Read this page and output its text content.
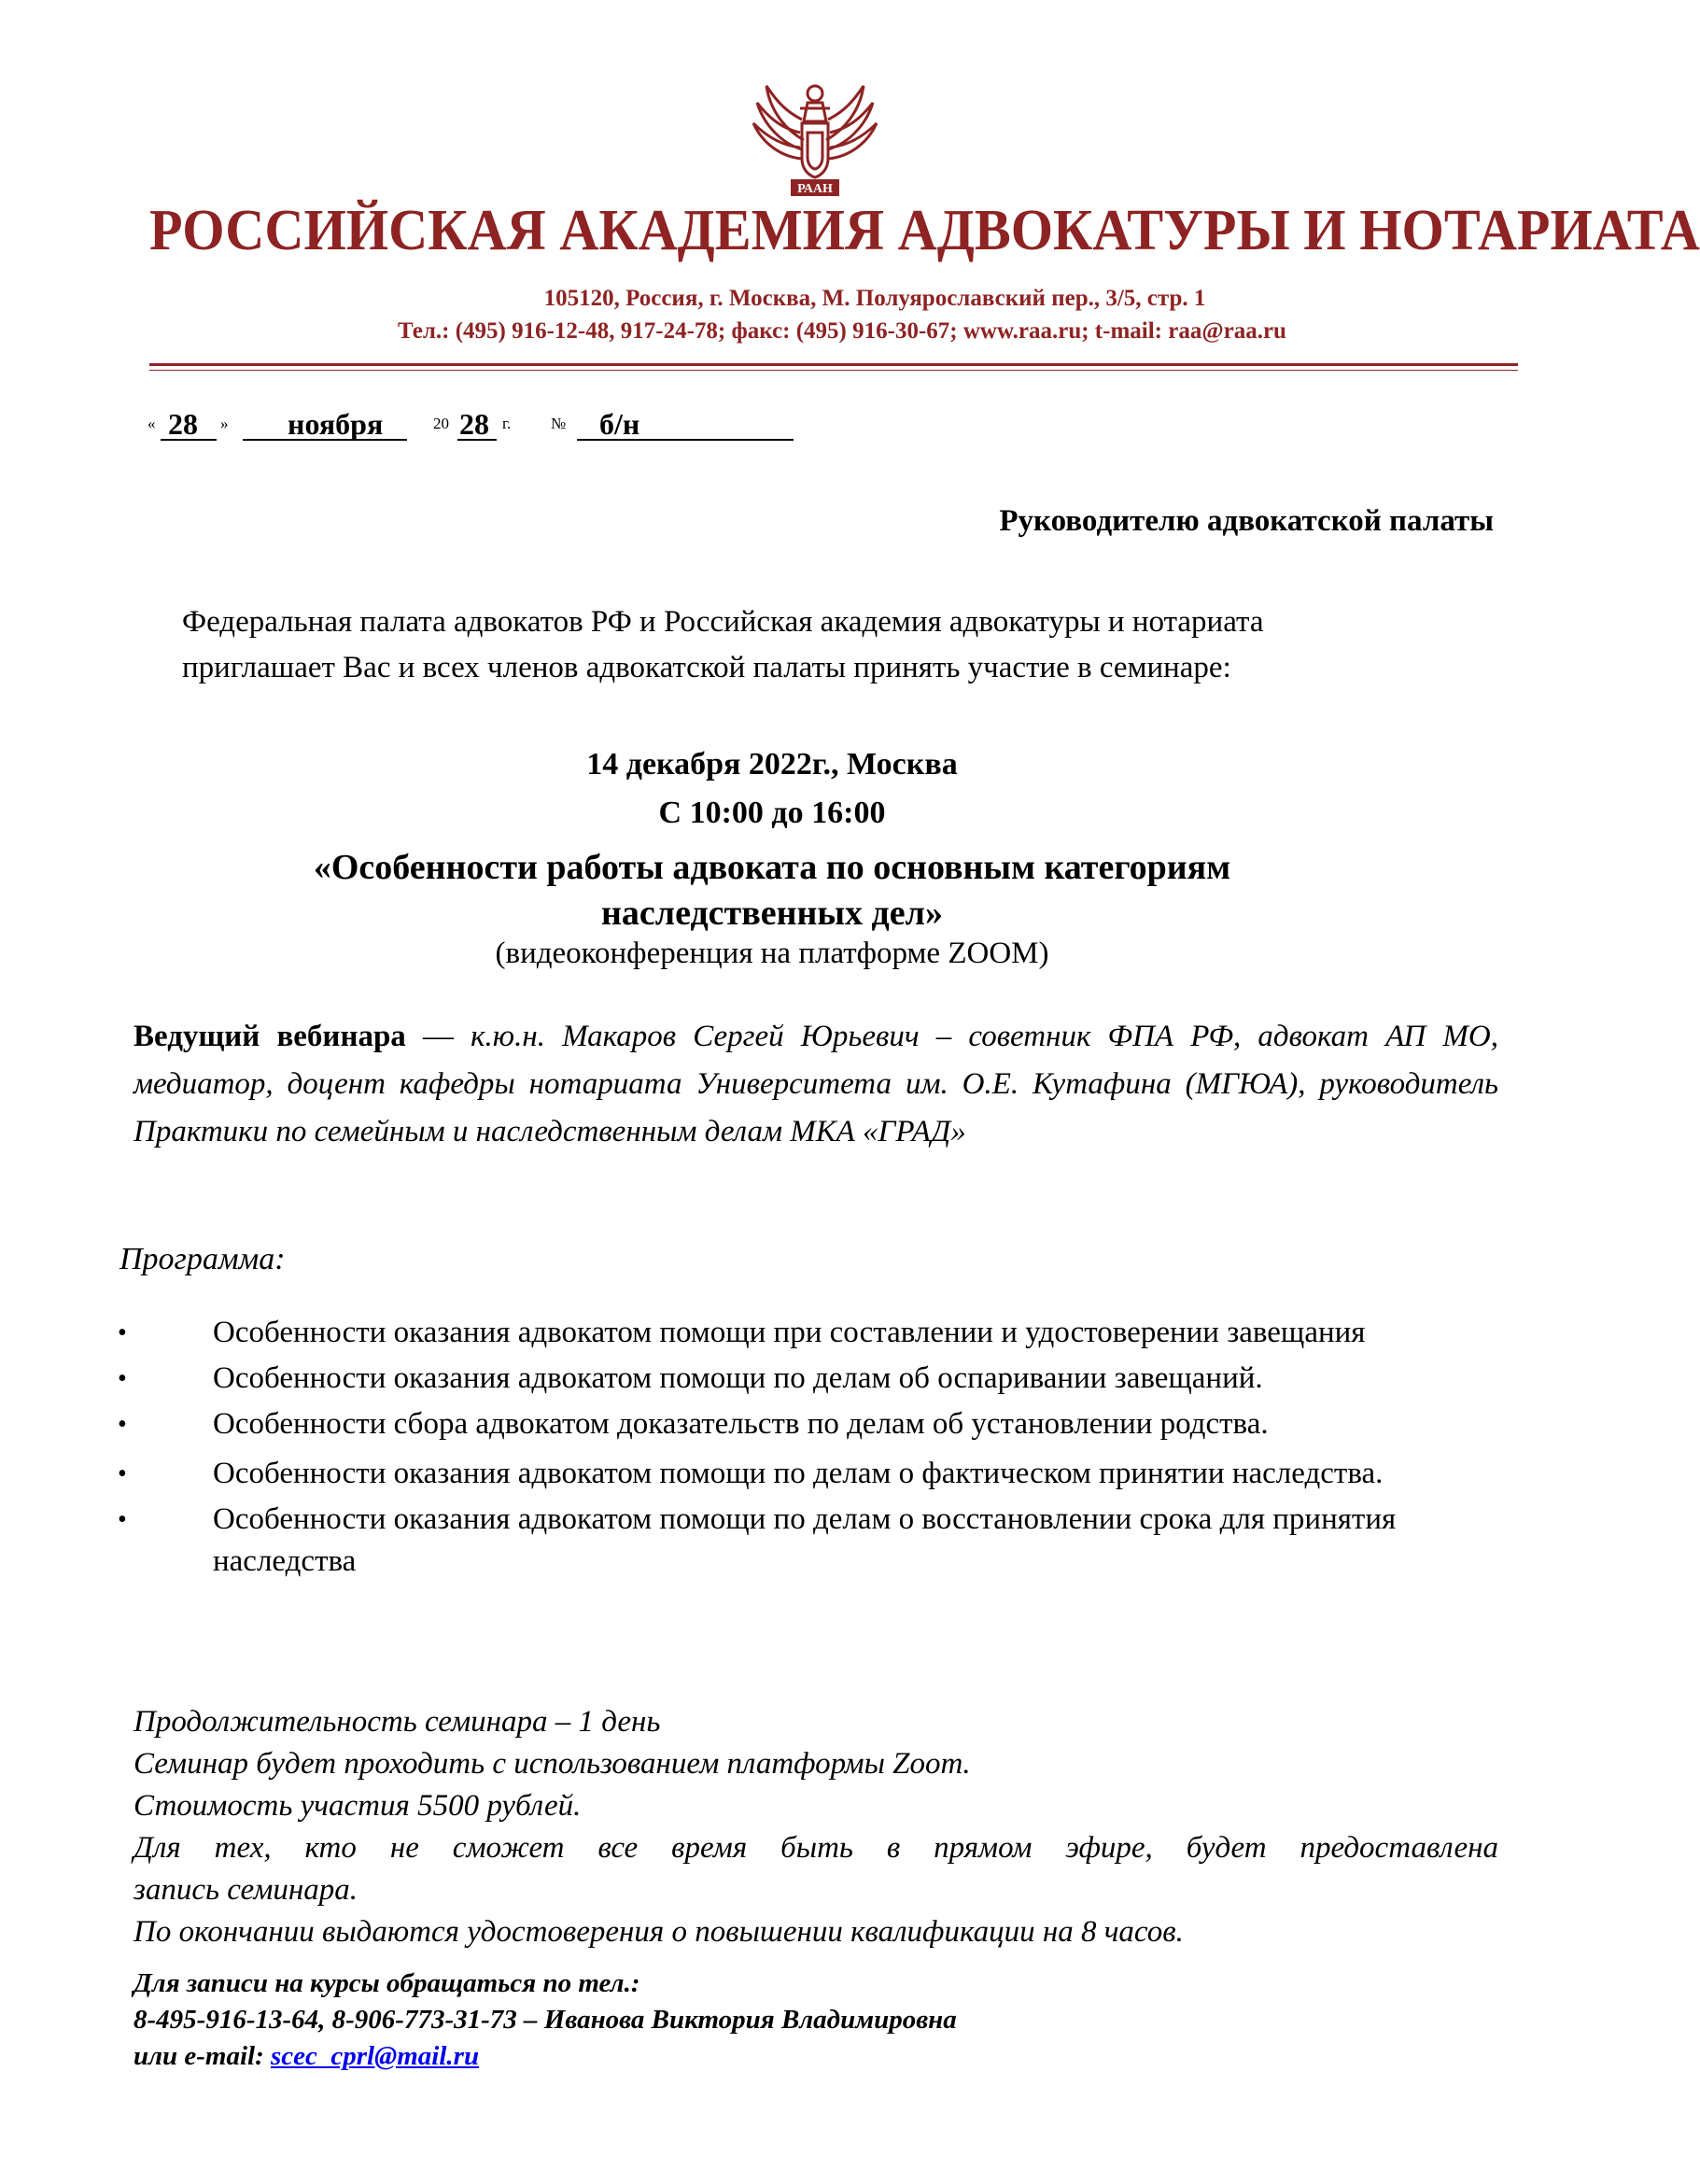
РААН
РОССИЙСКАЯ АКАДЕМИЯ АДВОКАТУРЫ И НОТАРИАТА
105120, Россия, г. Москва, М. Полуярославский пер., 3/5, стр. 1
Тел.: (495) 916-12-48, 917-24-78; факс: (495) 916-30-67; www.raa.ru; t-mail: raa@raa.ru
« 28 » ноября	20 28 г.	№ б/н
Руководителю адвокатской палаты
Федеральная палата адвокатов РФ и Российская академия адвокатуры и нотариата
приглашает Вас и всех членов адвокатской палаты принять участие в семинаре:
14 декабря 2022г., Москва
С 10:00 до 16:00
«Особенности работы адвоката по основным категориям
наследственных дел»
(видеоконференция на платформе ZOOM)
Ведущий вебинара — к.ю.н. Макаров Сергей Юрьевич – советник ФПА РФ, адвокат АП МО, медиатор, доцент кафедры нотариата Университета им. О.Е. Кутафина (МГЮА), руководитель Практики по семейным и наследственным делам МКА «ГРАД»
Программа:
•	Особенности оказания адвокатом помощи при составлении и удостоверении завещания
•	Особенности оказания адвокатом помощи по делам об оспаривании завещаний.
•	Особенности сбора адвокатом доказательств по делам об установлении родства.
•	Особенности оказания адвокатом помощи по делам о фактическом принятии наследства.
•	Особенности оказания адвокатом помощи по делам о восстановлении срока для принятия наследства
Продолжительность семинара – 1 день
Семинар будет проходить с использованием платформы Zoom.
Стоимость участия 5500 рублей.
Для тех, кто не сможет все время быть в прямом эфире, будет предоставлена
запись семинара.
По окончании выдаются удостоверения о повышении квалификации на 8 часов.
Для записи на курсы обращаться по тел.:
8-495-916-13-64, 8-906-773-31-73 – Иванова Виктория Владимировна
или e-mail: scec_cprl@mail.ru
